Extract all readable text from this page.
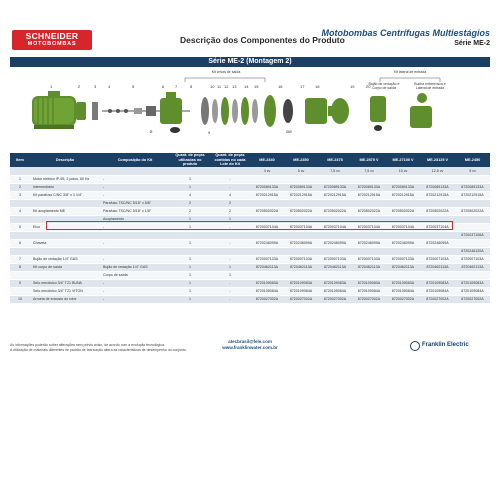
SCHNEIDER
MOTOBOMBAS	Descrição dos Componentes do Produto
Motobombas Centrífugas Multiestágios
Série ME-2
Série ME-2 (Montagem 2)
1	2	3	4	5	6	7	8
9
10 11 12 13 14 15	16	17	18	19	20
Kit crivos de saída	Kit lateral de entrada
Bujão de vedação e Corpo de saída
Bucha entrerrosca e Lateral de entrada
Ø	ØØ
Item	Descrição	Composição do Kit	Quant. de peças utilizadas no produto	Quant. de peças contidas no cada Lote do Kit	ME-2340	ME-2350	ME-2375	ME-2575 V	ME-27100 V	ME-23125 V	ME-2450
					4 cv	5 cv	7,5 cv	7,5 cv	10 cv	12,5 cv	5 cv
1	Motor elétrico IP-55, 2 polos, 60 Hz	-	1	-							
2	Intermediário	-	1	-	8720089133A	8720089133A	8720089133A	8720089133A	8720089133A	8720089133A	8720089133A
3	Kit parafuso C/NC 3/8" x 1 1/4"	-	4	4	8720212915A	8720212915A	8720212915A	8720212915A	8720212915A	8720212915A	8720212915A
		Parafuso TSC/NC 5/16" x 5/8"	2	2							
4	Kit acoplamento ME	Parafuso TSC/NC 5/16" x 1/8"	2	2	8720502022A	8720502022A	8720502022A	8720502022A	8720502022A	8720502022A	8720502022A
		Acoplamento	1	1							
5	Eixo	-	1	-	8720037104A	8720037104A	8720037104A	8720037104A	8720037104A	8720037104A	
											8720037106A
6	Chaveta	-	1	-	8720246099A	8720246099A	8720246099A	8720246099A	8720246099A	8720246099A	
											8720246120A
7	Bujão de vedação 1/4" GAS	-	1	-	8720007103A	8720007103A	8720007103A	8720007103A	8720007103A	8720007103A	8720007103A
8	Kit corpo de saída	Bujão de vedação 1/4" GAS	1	1	8720462113A	8720462113A	8720462113A	8720462113A	8720462113A	8720462113A	8720462113A
		Corpo de saída	1	1							
9	Selo mecânico 3/4" T21 BUNA	-	1	-	8720109083A	8720109083A	8720109083A	8720109083A	8720109083A	8720109083A	8720109083A
	Selo mecânico 3/4" T21 VITON	-	1	-	8720109084A	8720109084A	8720109084A	8720109084A	8720109084A	8720109084A	8720109084A
10	Arruela de encosto do rotor	-	1	-	8720027002A	8720027002A	8720027002A	8720027002A	8720027002A	8720027002A	8720027002A
As informações poderão sofrer alterações sem prévio aviso, de acordo com a evolução tecnológica.
A utilização de materiais diferentes de padrão de fabricação altera as características de desempenho do conjunto.
atecbrasil@fele.com
www.franklinwater.com.br	Franklin Electric
